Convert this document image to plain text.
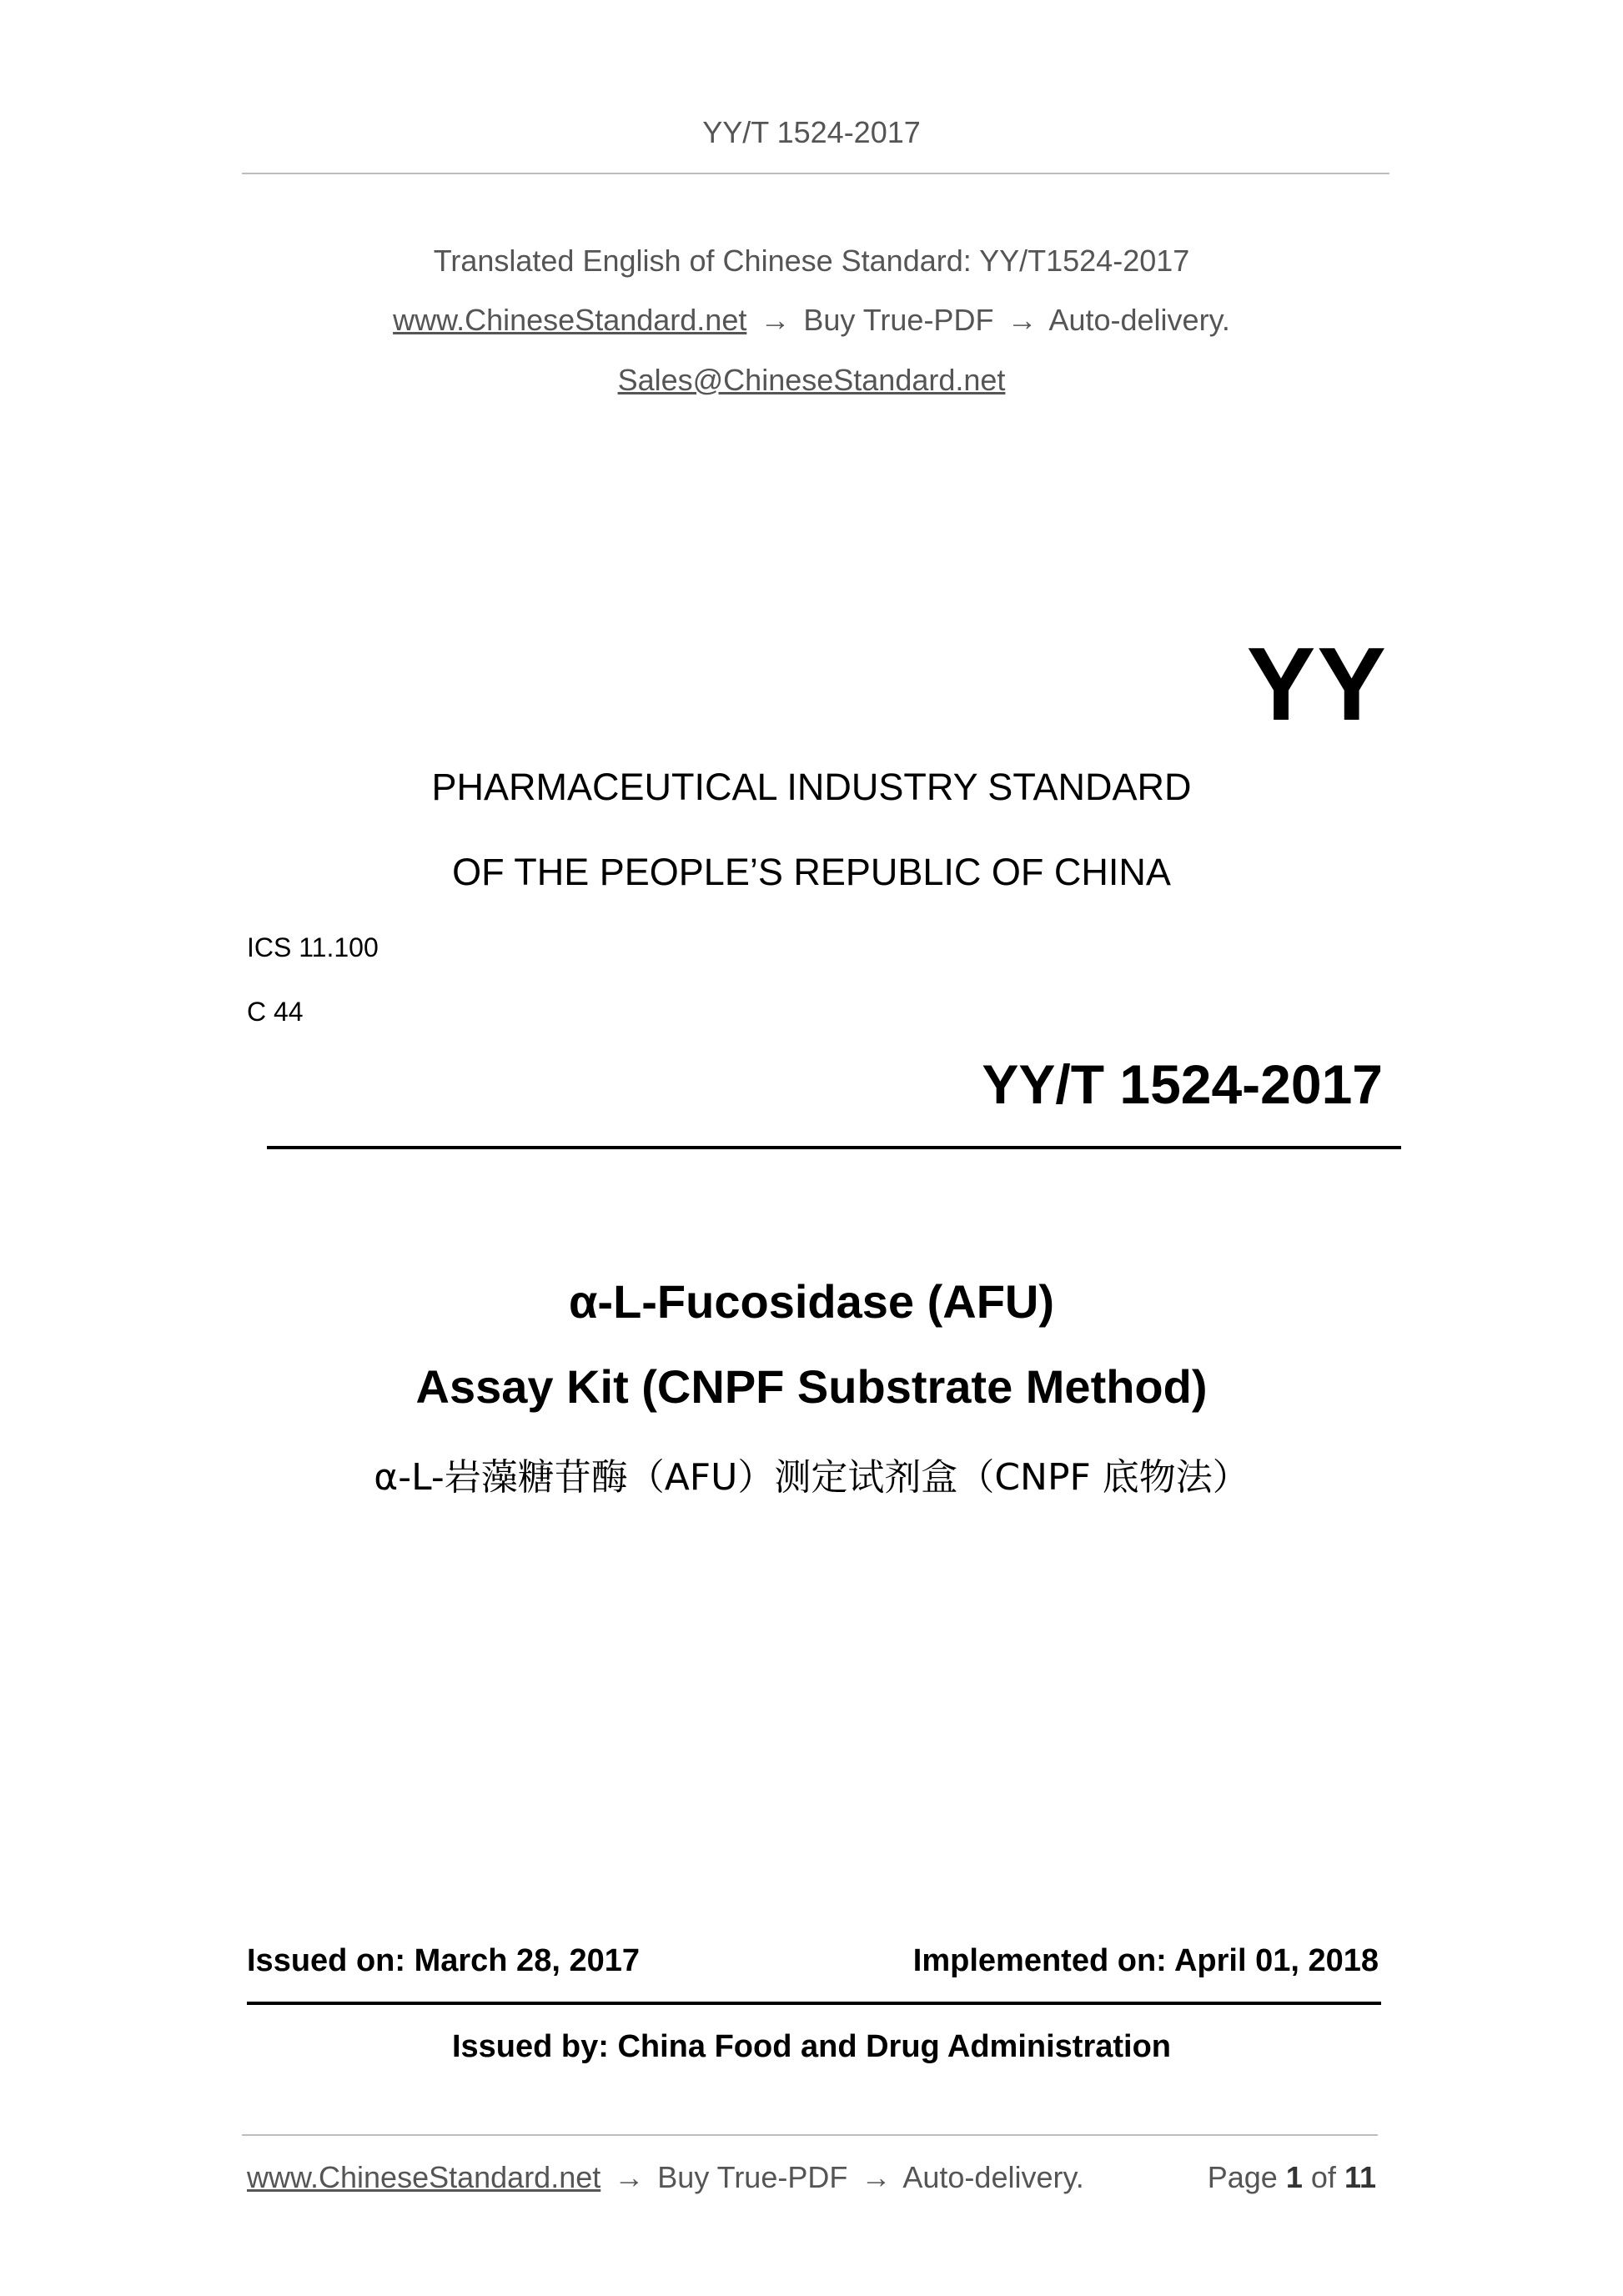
YY/T 1524-2017
Translated English of Chinese Standard: YY/T1524-2017
www.ChineseStandard.net → Buy True-PDF → Auto-delivery.
Sales@ChineseStandard.net
YY
PHARMACEUTICAL INDUSTRY STANDARD
OF THE PEOPLE’S REPUBLIC OF CHINA
ICS 11.100
C 44
YY/T 1524-2017
α-L-Fucosidase (AFU)
Assay Kit (CNPF Substrate Method)
α-L-岩藻糖苷酶（AFU）测定试剂盒（CNPF 底物法）
Issued on: March 28, 2017	Implemented on: April 01, 2018
Issued by: China Food and Drug Administration
www.ChineseStandard.net → Buy True-PDF → Auto-delivery.	Page 1 of 11
